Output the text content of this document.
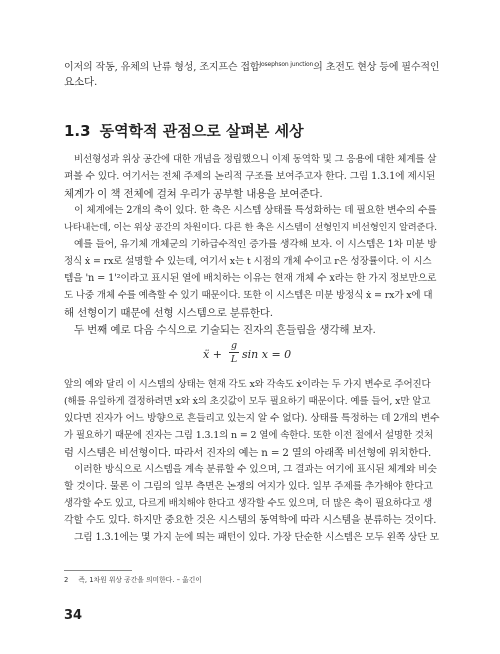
이저의 작동, 유체의 난류 형성, 조지프슨 접합$^{Josephson junction}$의 초전도 현상 등에 필수적인
요소다.
1.3 동역학적 관점으로 살펴본 세상
비선형성과 위상 공간에 대한 개념을 정립했으니 이제 동역학 및 그 응용에 대한 체계를 살
펴볼 수 있다. 여기서는 전체 주제의 논리적 구조를 보여주고자 한다. 그림 1.3.1에 제시된
체계가 이 책 전체에 걸쳐 우리가 공부할 내용을 보여준다.
이 체계에는 2개의 축이 있다. 한 축은 시스템 상태를 특성화하는 데 필요한 변수의 수를
나타내는데, 이는 위상 공간의 차원이다. 다른 한 축은 시스템이 선형인지 비선형인지 알려준다.
예를 들어, 유기체 개체군의 기하급수적인 증가를 생각해 보자. 이 시스템은 1차 미분 방
정식 ẋ = rx로 설명할 수 있는데, 여기서 x는 t 시점의 개체 수이고 r은 성장률이다. 이 시스
템을 'n = 1'²이라고 표시된 열에 배치하는 이유는 현재 개체 수 x라는 한 가지 정보만으로
도 나중 개체 수를 예측할 수 있기 때문이다. 또한 이 시스템은 미분 방정식 ẋ = rx가 x에 대
해 선형이기 때문에 선형 시스템으로 분류한다.
두 번째 예로 다음 수식으로 기술되는 진자의 흔들림을 생각해 보자.
ẍ +
g
L sin x = 0
앞의 예와 달리 이 시스템의 상태는 현재 각도 x와 각속도 ẋ이라는 두 가지 변수로 주어진다
(해를 유일하게 결정하려면 x와 ẋ의 초깃값이 모두 필요하기 때문이다. 예를 들어, x만 알고
있다면 진자가 어느 방향으로 흔들리고 있는지 알 수 없다). 상태를 특정하는 데 2개의 변수
가 필요하기 때문에 진자는 그림 1.3.1의 n = 2 열에 속한다. 또한 이전 절에서 설명한 것처
럼 시스템은 비선형이다. 따라서 진자의 예는 n = 2 열의 아래쪽 비선형에 위치한다.
이러한 방식으로 시스템을 계속 분류할 수 있으며, 그 결과는 여기에 표시된 체계와 비슷
할 것이다. 물론 이 그림의 일부 측면은 논쟁의 여지가 있다. 일부 주제를 추가해야 한다고
생각할 수도 있고, 다르게 배치해야 한다고 생각할 수도 있으며, 더 많은 축이 필요하다고 생
각할 수도 있다. 하지만 중요한 것은 시스템의 동역학에 따라 시스템을 분류하는 것이다.
그림 1.3.1에는 몇 가지 눈에 띄는 패턴이 있다. 가장 단순한 시스템은 모두 왼쪽 상단 모
2 즉, 1차원 위상 공간을 의미한다. – 옮긴이
34
